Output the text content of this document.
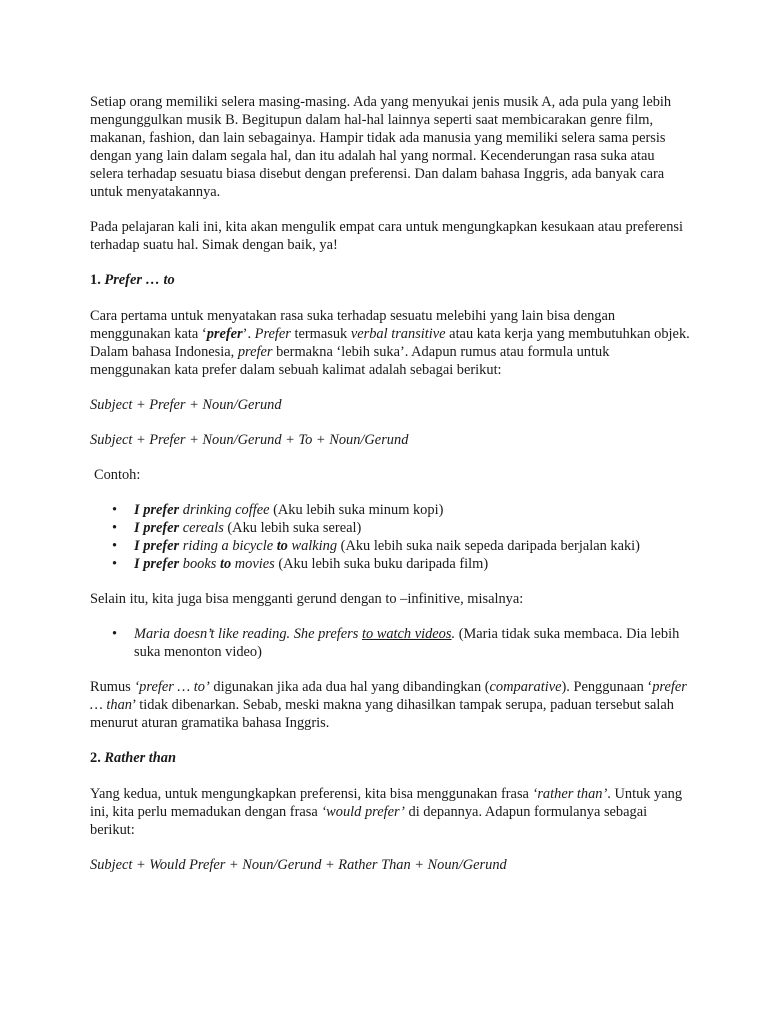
Setiap orang memiliki selera masing-masing. Ada yang menyukai jenis musik A, ada pula yang lebih mengunggulkan musik B. Begitupun dalam hal-hal lainnya seperti saat membicarakan genre film, makanan, fashion, dan lain sebagainya. Hampir tidak ada manusia yang memiliki selera sama persis dengan yang lain dalam segala hal, dan itu adalah hal yang normal. Kecenderungan rasa suka atau selera terhadap sesuatu biasa disebut dengan preferensi. Dan dalam bahasa Inggris, ada banyak cara untuk menyatakannya.

Pada pelajaran kali ini, kita akan mengulik empat cara untuk mengungkapkan kesukaan atau preferensi terhadap suatu hal. Simak dengan baik, ya!

1. Prefer … to

Cara pertama untuk menyatakan rasa suka terhadap sesuatu melebihi yang lain bisa dengan menggunakan kata ‘prefer’. Prefer termasuk verbal transitive atau kata kerja yang membutuhkan objek. Dalam bahasa Indonesia, prefer bermakna ‘lebih suka’. Adapun rumus atau formula untuk menggunakan kata prefer dalam sebuah kalimat adalah sebagai berikut:

Subject + Prefer + Noun/Gerund

Subject + Prefer + Noun/Gerund + To + Noun/Gerund

Contoh:

• I prefer drinking coffee (Aku lebih suka minum kopi)
• I prefer cereals (Aku lebih suka sereal)
• I prefer riding a bicycle to walking (Aku lebih suka naik sepeda daripada berjalan kaki)
• I prefer books to movies (Aku lebih suka buku daripada film)

Selain itu, kita juga bisa mengganti gerund dengan to –infinitive, misalnya:

• Maria doesn’t like reading. She prefers to watch videos. (Maria tidak suka membaca. Dia lebih suka menonton video)

Rumus ‘prefer … to’ digunakan jika ada dua hal yang dibandingkan (comparative). Penggunaan ‘prefer … than’ tidak dibenarkan. Sebab, meski makna yang dihasilkan tampak serupa, paduan tersebut salah menurut aturan gramatika bahasa Inggris.

2. Rather than

Yang kedua, untuk mengungkapkan preferensi, kita bisa menggunakan frasa ‘rather than’. Untuk yang ini, kita perlu memadukan dengan frasa ‘would prefer’ di depannya. Adapun formulanya sebagai berikut:

Subject + Would Prefer + Noun/Gerund + Rather Than + Noun/Gerund
